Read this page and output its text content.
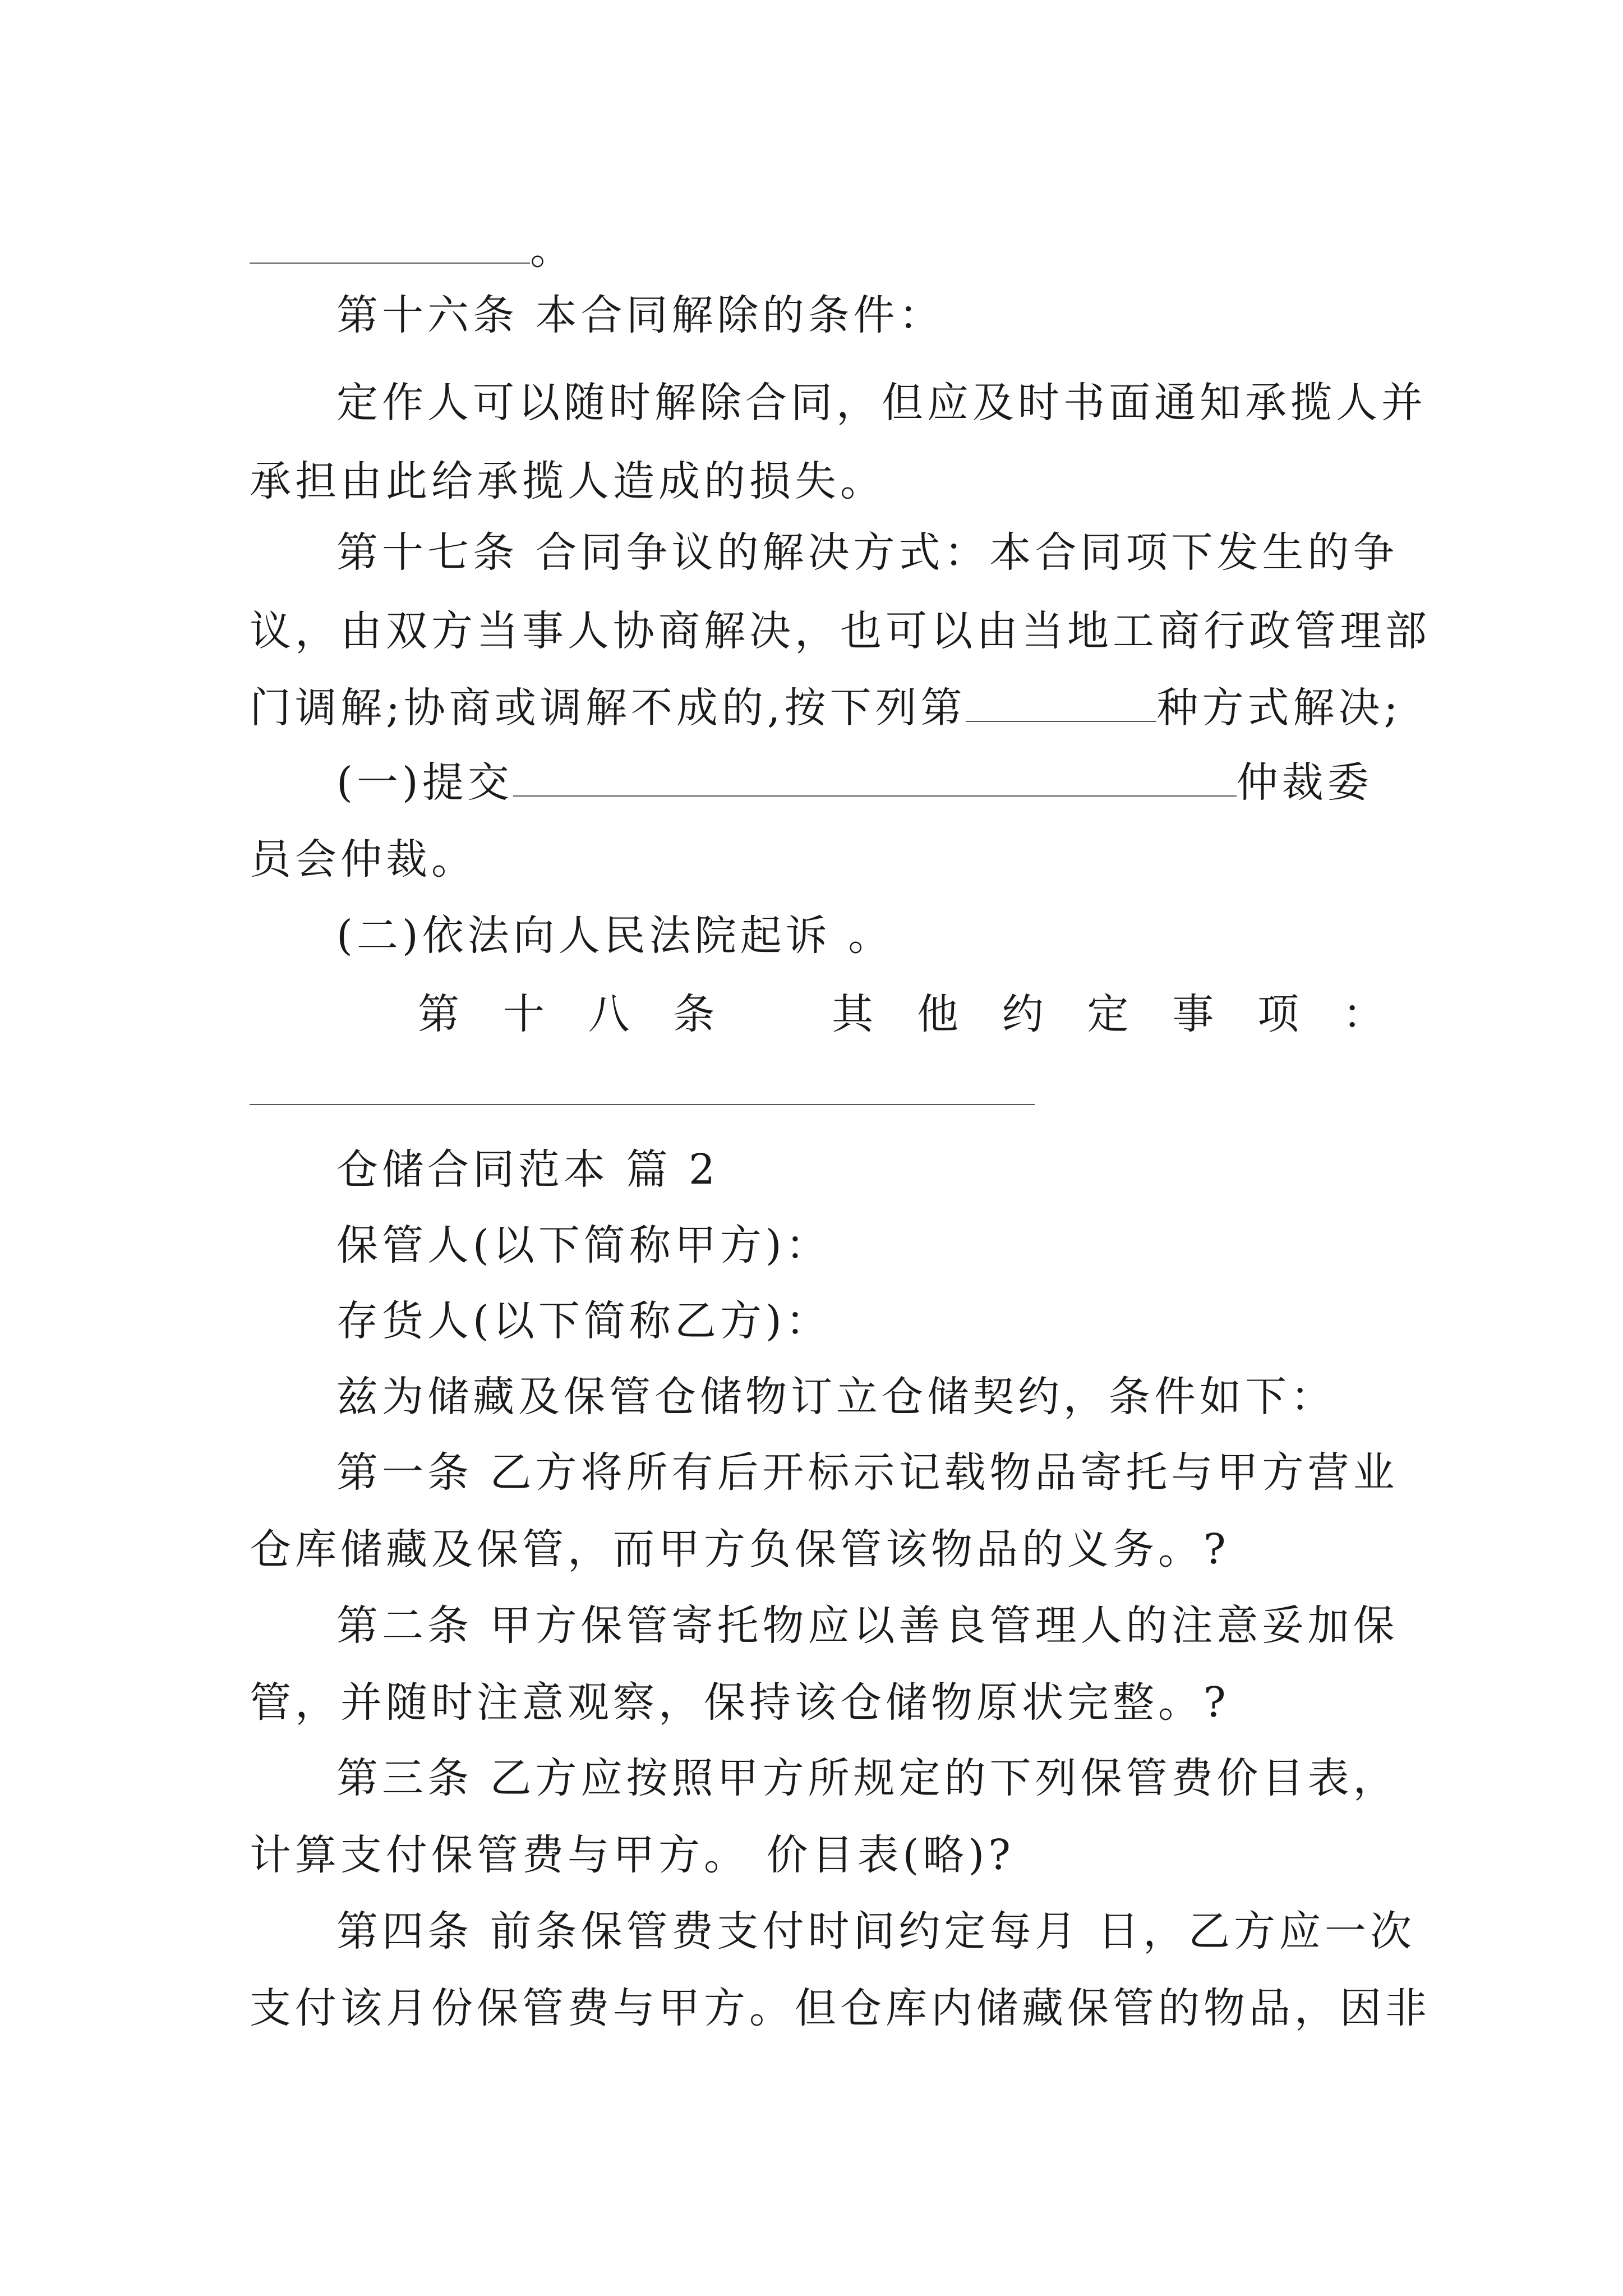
。
第十六条 本合同解除的条件：
定作人可以随时解除合同，但应及时书面通知承揽人并
承担由此给承揽人造成的损失。
第十七条 合同争议的解决方式：本合同项下发生的争
议，由双方当事人协商解决，也可以由当地工商行政管理部
门调解;协商或调解不成的,按下列第	种方式解决;
(一)提交	仲裁委
员会仲裁。
(二)依法向人民法院起诉 。
第 十 八 条	其 他 约 定 事 项 ：
仓储合同范本 篇 2
保管人(以下简称甲方)：
存货人(以下简称乙方)：
兹为储藏及保管仓储物订立仓储契约，条件如下：
第一条 乙方将所有后开标示记载物品寄托与甲方营业
仓库储藏及保管，而甲方负保管该物品的义务。?
第二条 甲方保管寄托物应以善良管理人的注意妥加保
管，并随时注意观察，保持该仓储物原状完整。?
第三条 乙方应按照甲方所规定的下列保管费价目表，
计算支付保管费与甲方。 价目表(略)?
第四条 前条保管费支付时间约定每月 日，乙方应一次
支付该月份保管费与甲方。但仓库内储藏保管的物品，因非
